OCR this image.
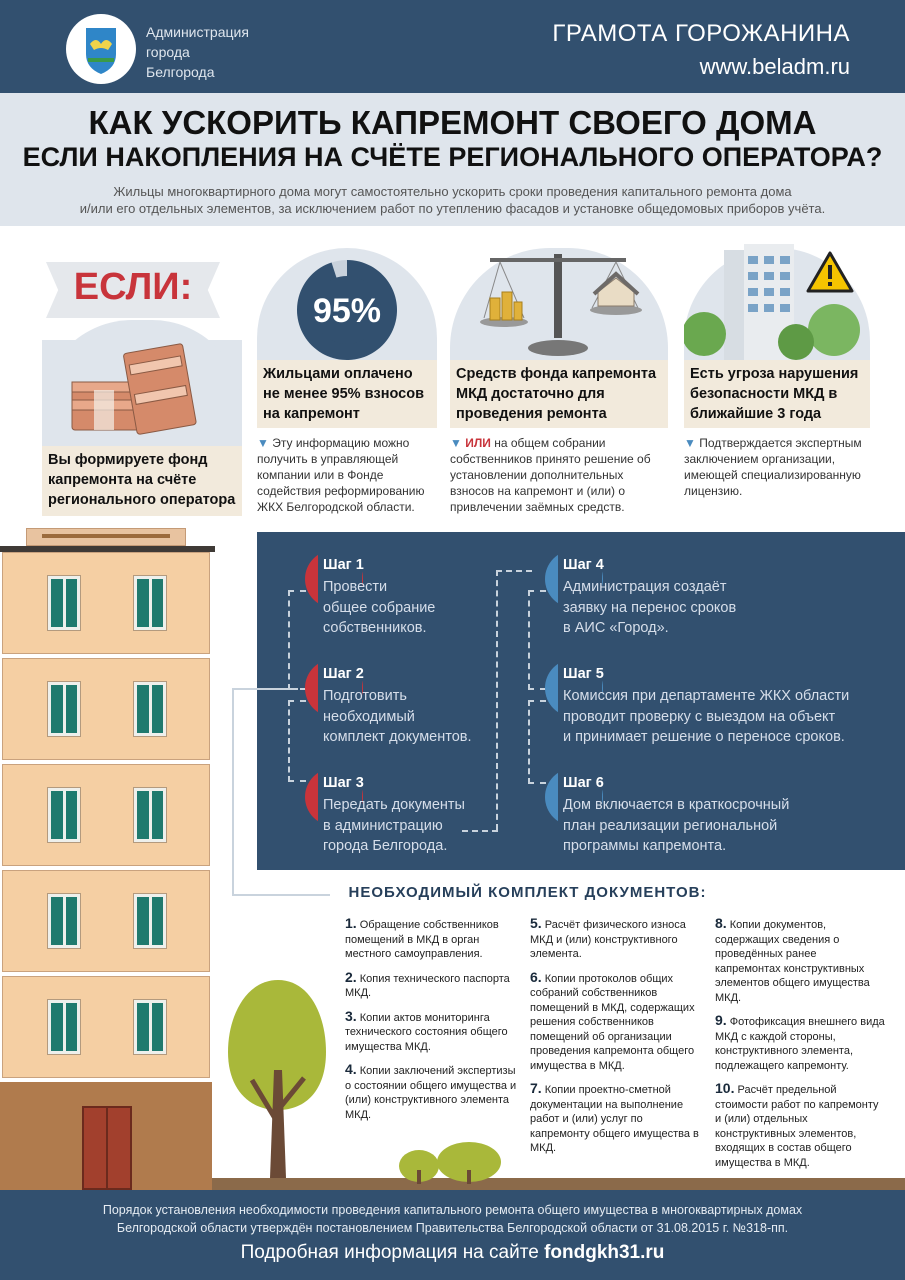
Администрация
города
Белгорода
ГРАМОТА ГОРОЖАНИНА
www.beladm.ru
КАК УСКОРИТЬ КАПРЕМОНТ СВОЕГО ДОМА
ЕСЛИ НАКОПЛЕНИЯ НА СЧЁТЕ РЕГИОНАЛЬНОГО ОПЕРАТОРА?
Жильцы многоквартирного дома могут самостоятельно ускорить сроки проведения капитального ремонта дома
и/или его отдельных элементов, за исключением работ по утеплению фасадов и установке общедомовых приборов учёта.
ЕСЛИ:
Вы формируете фонд капремонта на счёте регионального оператора
95%
Жильцами оплачено не менее 95% взносов на капремонт
▼ Эту информацию можно получить в управляющей компании или в Фонде содействия реформированию ЖКХ Белгородской области.
Средств фонда капремонта МКД достаточно для проведения ремонта
▼ ИЛИ на общем собрании собственников принято решение об установлении дополнительных взносов на капремонт и (или) о привлечении заёмных средств.
Есть угроза нарушения безопасности МКД в ближайшие 3 года
▼ Подтверждается экспертным заключением организации, имеющей специализированную лицензию.
Шаг 1
Провести
общее собрание
собственников.
Шаг 2
Подготовить
необходимый
комплект документов.
Шаг 3
Передать документы
в администрацию
города Белгорода.
Шаг 4
Администрация создаёт
заявку на перенос сроков
в АИС «Город».
Шаг 5
Комиссия при департаменте ЖКХ области
проводит проверку с выездом на объект
и принимает решение о переносе сроков.
Шаг 6
Дом включается в краткосрочный
план реализации региональной
программы капремонта.
НЕОБХОДИМЫЙ КОМПЛЕКТ ДОКУМЕНТОВ:
1. Обращение собственников помещений в МКД в орган местного самоуправления.
2. Копия технического паспорта МКД.
3. Копии актов мониторинга технического состояния общего имущества МКД.
4. Копии заключений экспертизы о состоянии общего имущества и (или) конструктивного элемента МКД.
5. Расчёт физического износа МКД и (или) конструктивного элемента.
6. Копии протоколов общих собраний собственников помещений в МКД, содержащих решения собственников помещений об организации проведения капремонта общего имущества в МКД.
7. Копии проектно-сметной документации на выполнение работ и (или) услуг по капремонту общего имущества в МКД.
8. Копии документов, содержащих сведения о проведённых ранее капремонтах конструктивных элементов общего имущества МКД.
9. Фотофиксация внешнего вида МКД с каждой стороны, конструктивного элемента, подлежащего капремонту.
10. Расчёт предельной стоимости работ по капремонту и (или) отдельных конструктивных элементов, входящих в состав общего имущества в МКД.
Порядок установления необходимости проведения капитального ремонта общего имущества в многоквартирных домах
Белгородской области утверждён постановлением Правительства Белгородской области от 31.08.2015 г. №318-пп.
Подробная информация на сайте fondgkh31.ru
